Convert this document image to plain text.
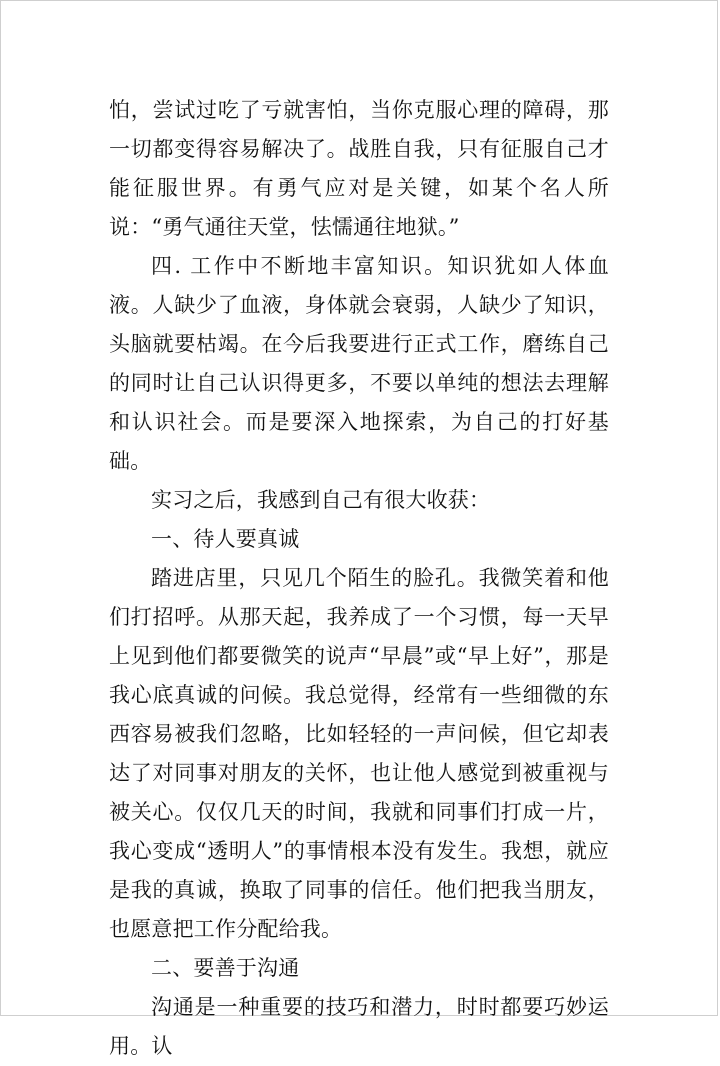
怕，尝试过吃了亏就害怕，当你克服心理的障碍，那一切都变得容易解决了。战胜自我，只有征服自己才能征服世界。有勇气应对是关键，如某个名人所说：“勇气通往天堂，怯懦通往地狱。”

四. 工作中不断地丰富知识。知识犹如人体血液。人缺少了血液，身体就会衰弱，人缺少了知识，头脑就要枯竭。在今后我要进行正式工作，磨练自己的同时让自己认识得更多，不要以单纯的想法去理解和认识社会。而是要深入地探索，为自己的打好基础。

实习之后，我感到自己有很大收获：

一、待人要真诚

踏进店里，只见几个陌生的脸孔。我微笑着和他们打招呼。从那天起，我养成了一个习惯，每一天早上见到他们都要微笑的说声“早晨”或“早上好”，那是我心底真诚的问候。我总觉得，经常有一些细微的东西容易被我们忽略，比如轻轻的一声问候，但它却表达了对同事对朋友的关怀，也让他人感觉到被重视与被关心。仅仅几天的时间，我就和同事们打成一片，我心变成“透明人”的事情根本没有发生。我想，就应是我的真诚，换取了同事的信任。他们把我当朋友，也愿意把工作分配给我。

二、要善于沟通

沟通是一种重要的技巧和潜力，时时都要巧妙运用。认
